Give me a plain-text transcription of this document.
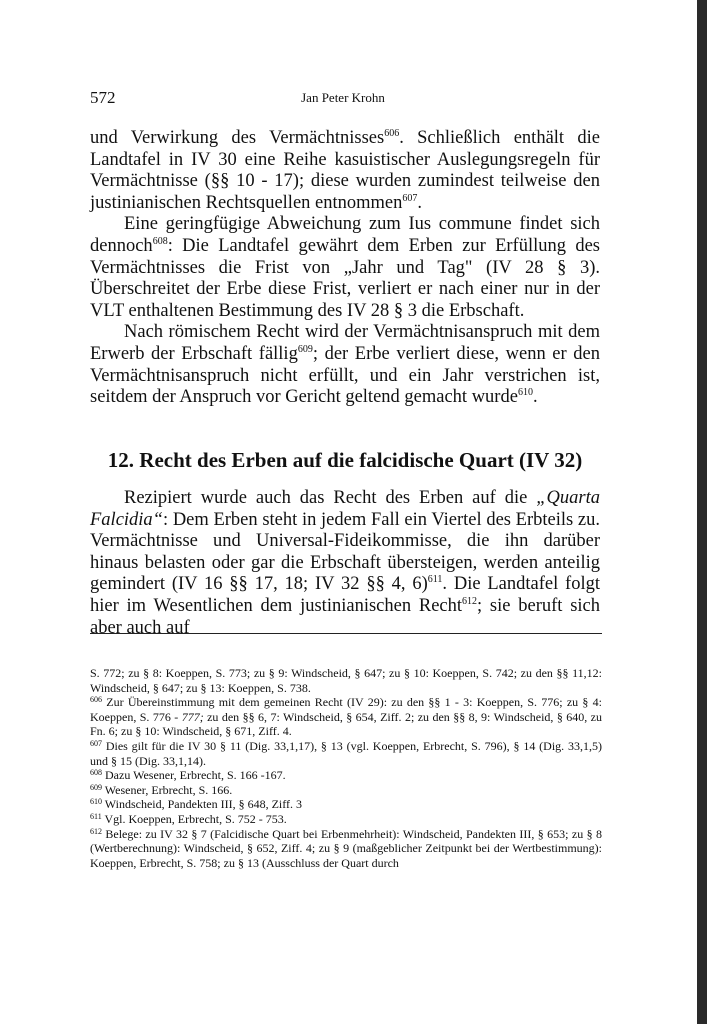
572	Jan Peter Krohn

und Verwirkung des Vermächtnisses$^{606}$. Schließlich enthält die Landtafel in IV 30 eine Reihe kasuistischer Auslegungsregeln für Vermächtnisse (§§ 10 - 17); diese wurden zumindest teilweise den justinianischen Rechtsquellen entnommen$^{607}$.

Eine geringfügige Abweichung zum Ius commune findet sich dennoch$^{608}$: Die Landtafel gewährt dem Erben zur Erfüllung des Vermächtnisses die Frist von „Jahr und Tag" (IV 28 § 3). Überschreitet der Erbe diese Frist, verliert er nach einer nur in der VLT enthaltenen Bestimmung des IV 28 § 3 die Erbschaft.

Nach römischem Recht wird der Vermächtnisanspruch mit dem Erwerb der Erbschaft fällig$^{609}$; der Erbe verliert diese, wenn er den Vermächtnisanspruch nicht erfüllt, und ein Jahr verstrichen ist, seitdem der Anspruch vor Gericht geltend gemacht wurde$^{610}$.

12. Recht des Erben auf die falcidische Quart (IV 32)

Rezipiert wurde auch das Recht des Erben auf die „Quarta Falcidia“: Dem Erben steht in jedem Fall ein Viertel des Erbteils zu. Vermächtnisse und Universal-Fideikommisse, die ihn darüber hinaus belasten oder gar die Erbschaft übersteigen, werden anteilig gemindert (IV 16 §§ 17, 18; IV 32 §§ 4, 6)$^{611}$. Die Landtafel folgt hier im Wesentlichen dem justinianischen Recht$^{612}$; sie beruft sich aber auch auf

S. 772; zu § 8: Koeppen, S. 773; zu § 9: Windscheid, § 647; zu § 10: Koeppen, S. 742; zu den §§ 11,12: Windscheid, § 647; zu § 13: Koeppen, S. 738.

$^{606}$ Zur Übereinstimmung mit dem gemeinen Recht (IV 29): zu den §§ 1 - 3: Koeppen, S. 776; zu § 4: Koeppen, S. 776 - 777; zu den §§ 6, 7: Windscheid, § 654, Ziff. 2; zu den §§ 8, 9: Windscheid, § 640, zu Fn. 6; zu § 10: Windscheid, § 671, Ziff. 4.

$^{607}$ Dies gilt für die IV 30 § 11 (Dig. 33,1,17), § 13 (vgl. Koeppen, Erbrecht, S. 796), § 14 (Dig. 33,1,5) und § 15 (Dig. 33,1,14).

$^{608}$ Dazu Wesener, Erbrecht, S. 166 -167.

$^{609}$ Wesener, Erbrecht, S. 166.

$^{610}$ Windscheid, Pandekten III, § 648, Ziff. 3

$^{611}$ Vgl. Koeppen, Erbrecht, S. 752 - 753.

$^{612}$ Belege: zu IV 32 § 7 (Falcidische Quart bei Erbenmehrheit): Windscheid, Pandekten III, § 653; zu § 8 (Wertberechnung): Windscheid, § 652, Ziff. 4; zu § 9 (maßgeblicher Zeitpunkt bei der Wertbestimmung): Koeppen, Erbrecht, S. 758; zu § 13 (Ausschluss der Quart durch
